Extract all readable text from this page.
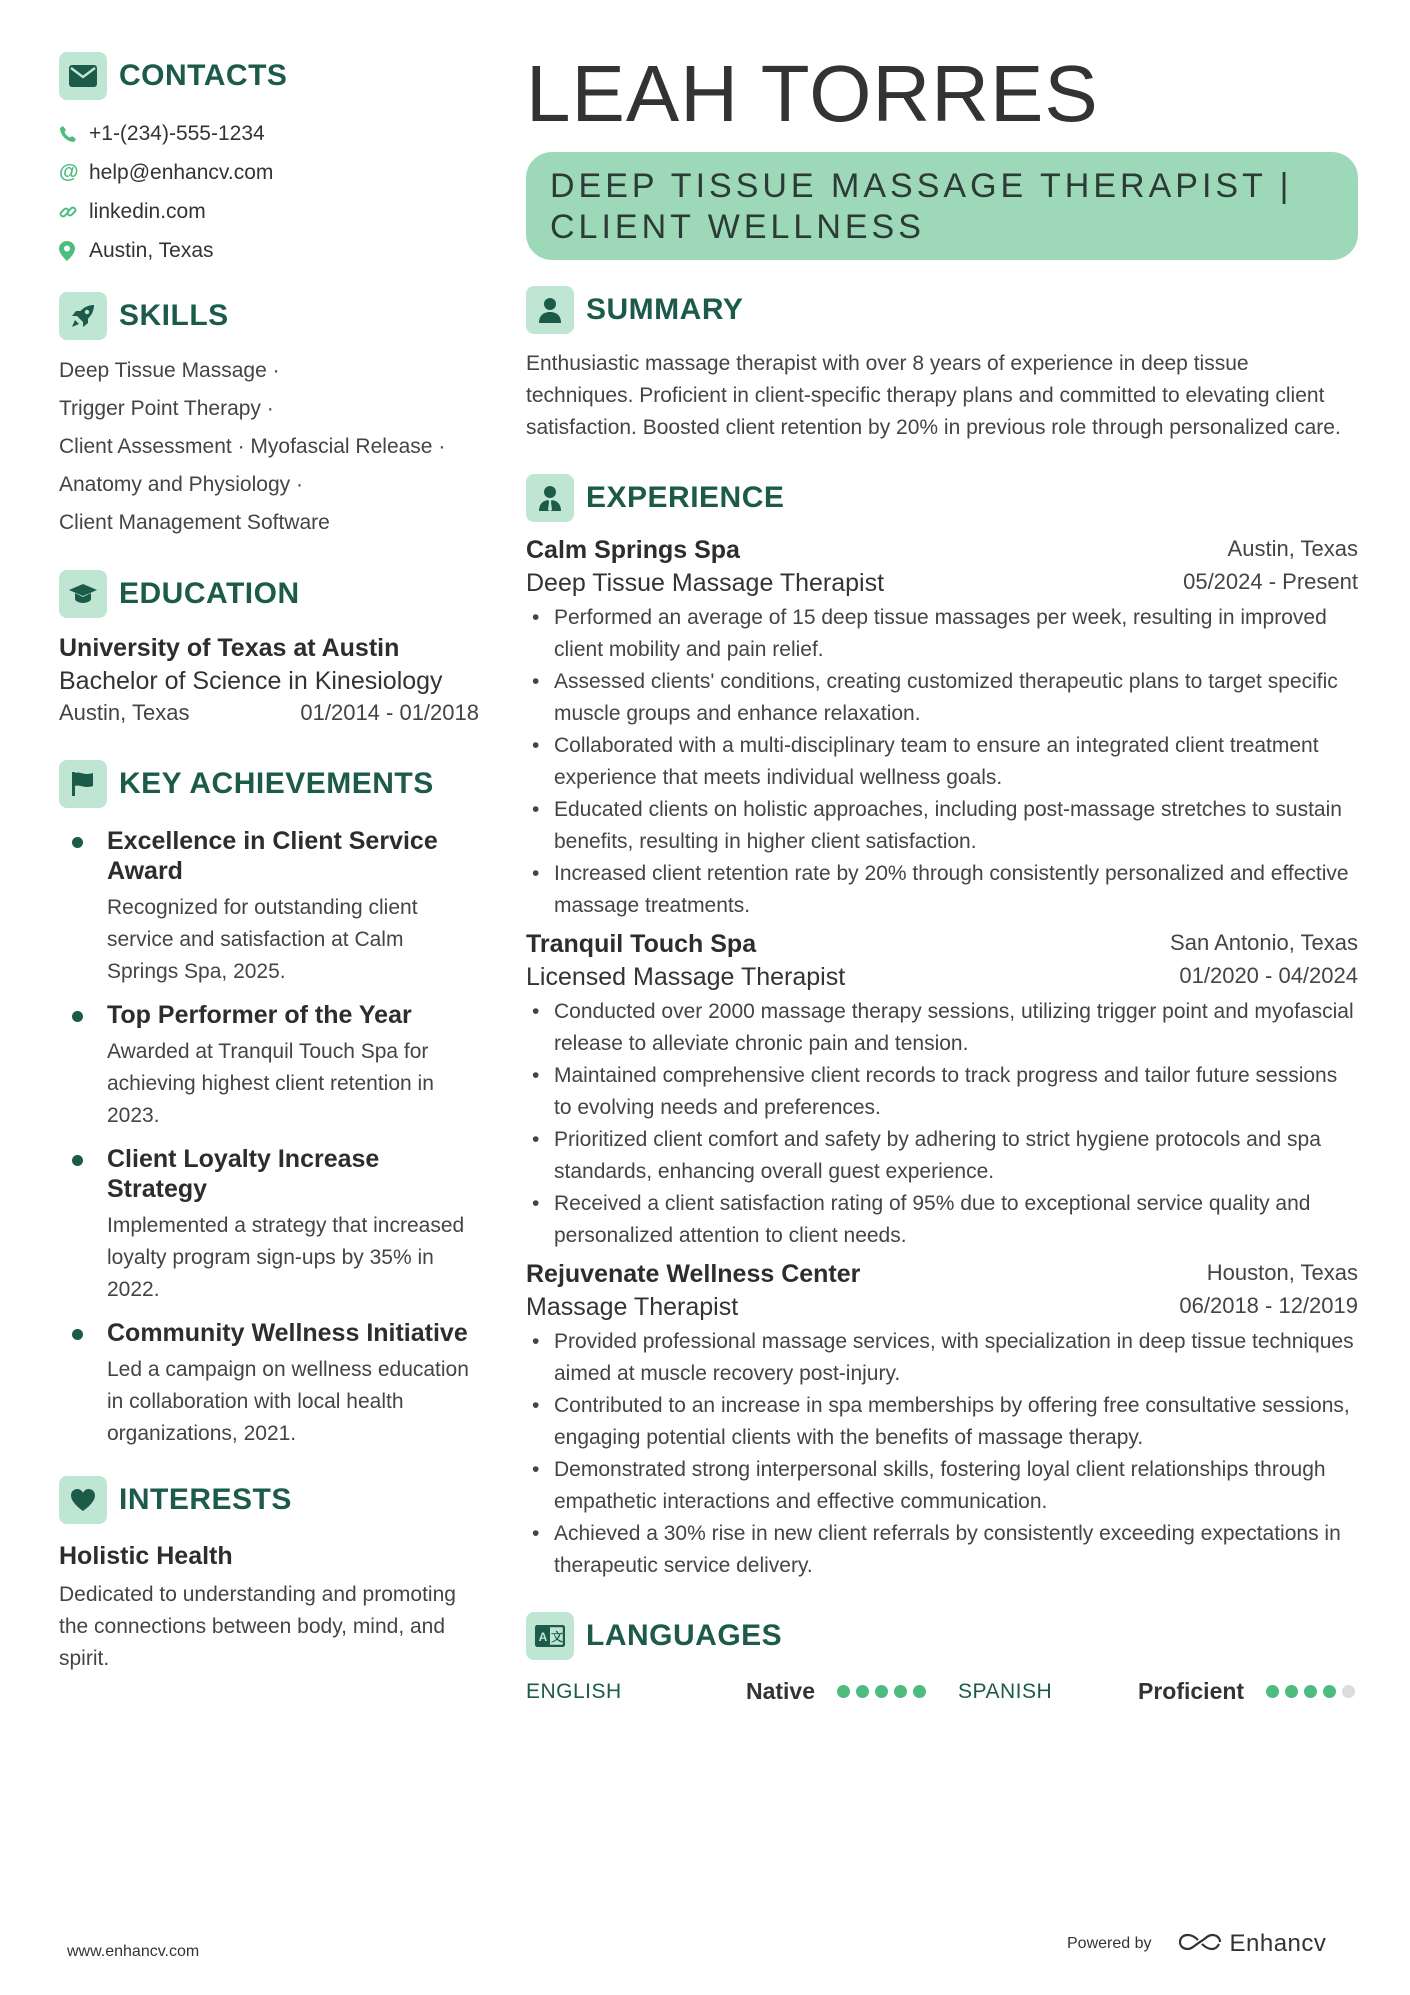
CONTACTS
+1-(234)-555-1234
@ help@enhancv.com
linkedin.com
Austin, Texas
SKILLS
Deep Tissue Massage ·
Trigger Point Therapy ·
Client Assessment · Myofascial Release ·
Anatomy and Physiology ·
Client Management Software
EDUCATION
University of Texas at Austin
Bachelor of Science in Kinesiology
Austin, Texas	01/2014 - 01/2018
KEY ACHIEVEMENTS
Excellence in Client Service Award
Recognized for outstanding client service and satisfaction at Calm Springs Spa, 2025.
Top Performer of the Year
Awarded at Tranquil Touch Spa for achieving highest client retention in 2023.
Client Loyalty Increase Strategy
Implemented a strategy that increased loyalty program sign-ups by 35% in 2022.
Community Wellness Initiative
Led a campaign on wellness education in collaboration with local health organizations, 2021.
INTERESTS
Holistic Health
Dedicated to understanding and promoting the connections between body, mind, and spirit.
LEAH TORRES
DEEP TISSUE MASSAGE THERAPIST | CLIENT WELLNESS
SUMMARY
Enthusiastic massage therapist with over 8 years of experience in deep tissue techniques. Proficient in client-specific therapy plans and committed to elevating client satisfaction. Boosted client retention by 20% in previous role through personalized care.
EXPERIENCE
Calm Springs Spa	Austin, Texas
Deep Tissue Massage Therapist	05/2024 - Present
• Performed an average of 15 deep tissue massages per week, resulting in improved client mobility and pain relief.
• Assessed clients' conditions, creating customized therapeutic plans to target specific muscle groups and enhance relaxation.
• Collaborated with a multi-disciplinary team to ensure an integrated client treatment experience that meets individual wellness goals.
• Educated clients on holistic approaches, including post-massage stretches to sustain benefits, resulting in higher client satisfaction.
• Increased client retention rate by 20% through consistently personalized and effective massage treatments.
Tranquil Touch Spa	San Antonio, Texas
Licensed Massage Therapist	01/2020 - 04/2024
• Conducted over 2000 massage therapy sessions, utilizing trigger point and myofascial release to alleviate chronic pain and tension.
• Maintained comprehensive client records to track progress and tailor future sessions to evolving needs and preferences.
• Prioritized client comfort and safety by adhering to strict hygiene protocols and spa standards, enhancing overall guest experience.
• Received a client satisfaction rating of 95% due to exceptional service quality and personalized attention to client needs.
Rejuvenate Wellness Center	Houston, Texas
Massage Therapist	06/2018 - 12/2019
• Provided professional massage services, with specialization in deep tissue techniques aimed at muscle recovery post-injury.
• Contributed to an increase in spa memberships by offering free consultative sessions, engaging potential clients with the benefits of massage therapy.
• Demonstrated strong interpersonal skills, fostering loyal client relationships through empathetic interactions and effective communication.
• Achieved a 30% rise in new client referrals by consistently exceeding expectations in therapeutic service delivery.
A 文 LANGUAGES
ENGLISH	Native	SPANISH	Proficient
www.enhancv.com	Powered by	Enhancv
